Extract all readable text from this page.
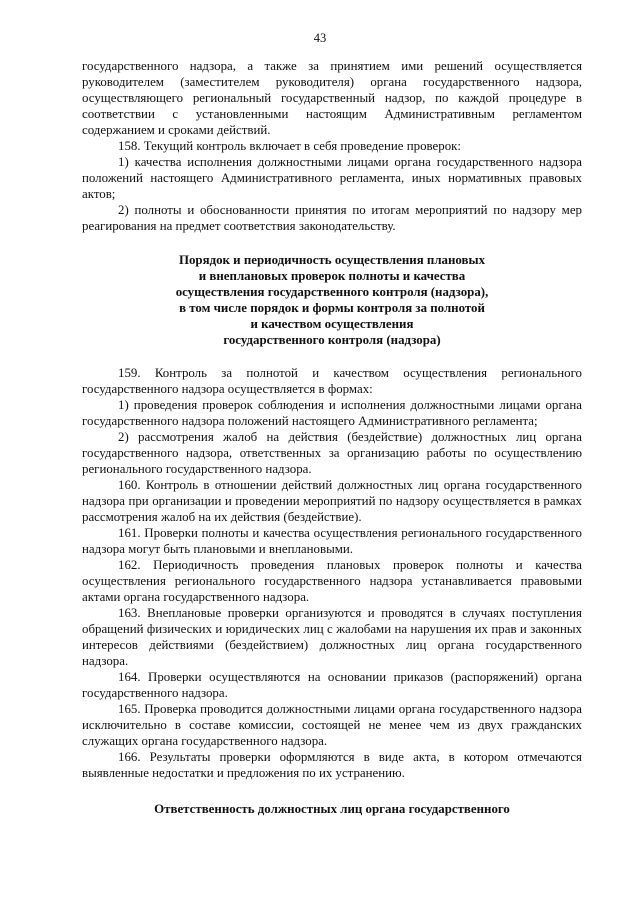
43

государственного надзора, а также за принятием ими решений осуществляется руководителем (заместителем руководителя) органа государственного надзора, осуществляющего региональный государственный надзор, по каждой процедуре в соответствии с установленными настоящим Административным регламентом содержанием и сроками действий.

158. Текущий контроль включает в себя проведение проверок:

1) качества исполнения должностными лицами органа государственного надзора положений настоящего Административного регламента, иных нормативных правовых актов;

2) полноты и обоснованности принятия по итогам мероприятий по надзору мер реагирования на предмет соответствия законодательству.

Порядок и периодичность осуществления плановых
и внеплановых проверок полноты и качества
осуществления государственного контроля (надзора),
в том числе порядок и формы контроля за полнотой
и качеством осуществления
государственного контроля (надзора)

159. Контроль за полнотой и качеством осуществления регионального государственного надзора осуществляется в формах:

1) проведения проверок соблюдения и исполнения должностными лицами органа государственного надзора положений настоящего Административного регламента;

2) рассмотрения жалоб на действия (бездействие) должностных лиц органа государственного надзора, ответственных за организацию работы по осуществлению регионального государственного надзора.

160. Контроль в отношении действий должностных лиц органа государственного надзора при организации и проведении мероприятий по надзору осуществляется в рамках рассмотрения жалоб на их действия (бездействие).

161. Проверки полноты и качества осуществления регионального государственного надзора могут быть плановыми и внеплановыми.

162. Периодичность проведения плановых проверок полноты и качества осуществления регионального государственного надзора устанавливается правовыми актами органа государственного надзора.

163. Внеплановые проверки организуются и проводятся в случаях поступления обращений физических и юридических лиц с жалобами на нарушения их прав и законных интересов действиями (бездействием) должностных лиц органа государственного надзора.

164. Проверки осуществляются на основании приказов (распоряжений) органа государственного надзора.

165. Проверка проводится должностными лицами органа государственного надзора исключительно в составе комиссии, состоящей не менее чем из двух гражданских служащих органа государственного надзора.

166. Результаты проверки оформляются в виде акта, в котором отмечаются выявленные недостатки и предложения по их устранению.

Ответственность должностных лиц органа государственного
